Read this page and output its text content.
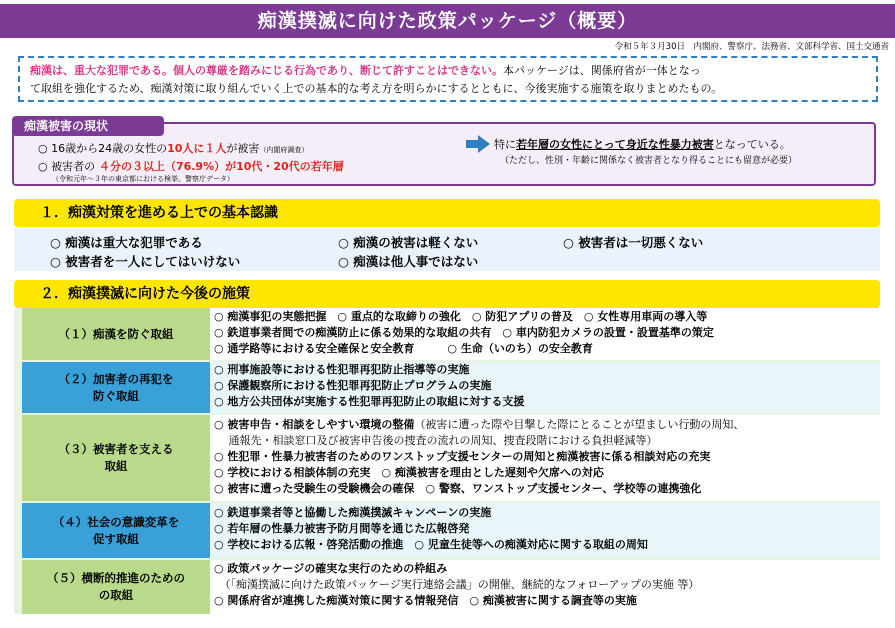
痴漢撲滅に向けた政策パッケージ（概要）
令和５年３月30日　内閣府、警察庁、法務省、文部科学省、国土交通省
痴漢は、重大な犯罪である。個人の尊厳を踏みにじる行為であり、断じて許すことはできない。本パッケージは、関係府省が一体となっ
て取組を強化するため、痴漢対策に取り組んでいく上での基本的な考え方を明らかにするとともに、今後実施する施策を取りまとめたもの。
痴漢被害の現状
○ 16歳から24歳の女性の10人に１人が被害（内閣府調査）
○ 被害者の ４分の３以上（76.9%）が10代・20代の若年層
（令和元年～３年の東京都における検挙。警察庁データ）
特に若年層の女性にとって身近な性暴力被害となっている。
（ただし、性別・年齢に関係なく被害者となり得ることにも留意が必要）
１．痴漢対策を進める上での基本認識
○ 痴漢は重大な犯罪である	○ 痴漢の被害は軽くない	○ 被害者は一切悪くない
○ 被害者を一人にしてはいけない	○ 痴漢は他人事ではない
２．痴漢撲滅に向けた今後の施策
（１）痴漢を防ぐ取組
○ 痴漢事犯の実態把握　○ 重点的な取締りの強化　○ 防犯アプリの普及　○ 女性専用車両の導入等
○ 鉄道事業者間での痴漢防止に係る効果的な取組の共有　○ 車内防犯カメラの設置・設置基準の策定
○ 通学路等における安全確保と安全教育　　　○ 生命（いのち）の安全教育
（２）加害者の再犯を
防ぐ取組
○ 刑事施設等における性犯罪再犯防止指導等の実施
○ 保護観察所における性犯罪再犯防止プログラムの実施
○ 地方公共団体が実施する性犯罪再犯防止の取組に対する支援
（３）被害者を支える
取組
○ 被害申告・相談をしやすい環境の整備（被害に遭った際や目撃した際にとることが望ましい行動の周知、
　 通報先・相談窓口及び被害申告後の捜査の流れの周知、捜査段階における負担軽減等）
○ 性犯罪・性暴力被害者のためのワンストップ支援センターの周知と痴漢被害に係る相談対応の充実
○ 学校における相談体制の充実　○ 痴漢被害を理由とした遅刻や欠席への対応
○ 被害に遭った受験生の受験機会の確保　○ 警察、ワンストップ支援センター、学校等の連携強化
（４）社会の意識変革を
促す取組
○ 鉄道事業者等と協働した痴漢撲滅キャンペーンの実施
○ 若年層の性暴力被害予防月間等を通じた広報啓発
○ 学校における広報・啓発活動の推進　○ 児童生徒等への痴漢対応に関する取組の周知
（５）横断的推進のための
の取組
○ 政策パッケージの確実な実行のための枠組み
　（「痴漢撲滅に向けた政策パッケージ実行連絡会議」の開催、継続的なフォローアップの実施 等）
○ 関係府省が連携した痴漢対策に関する情報発信　○ 痴漢被害に関する調査等の実施
